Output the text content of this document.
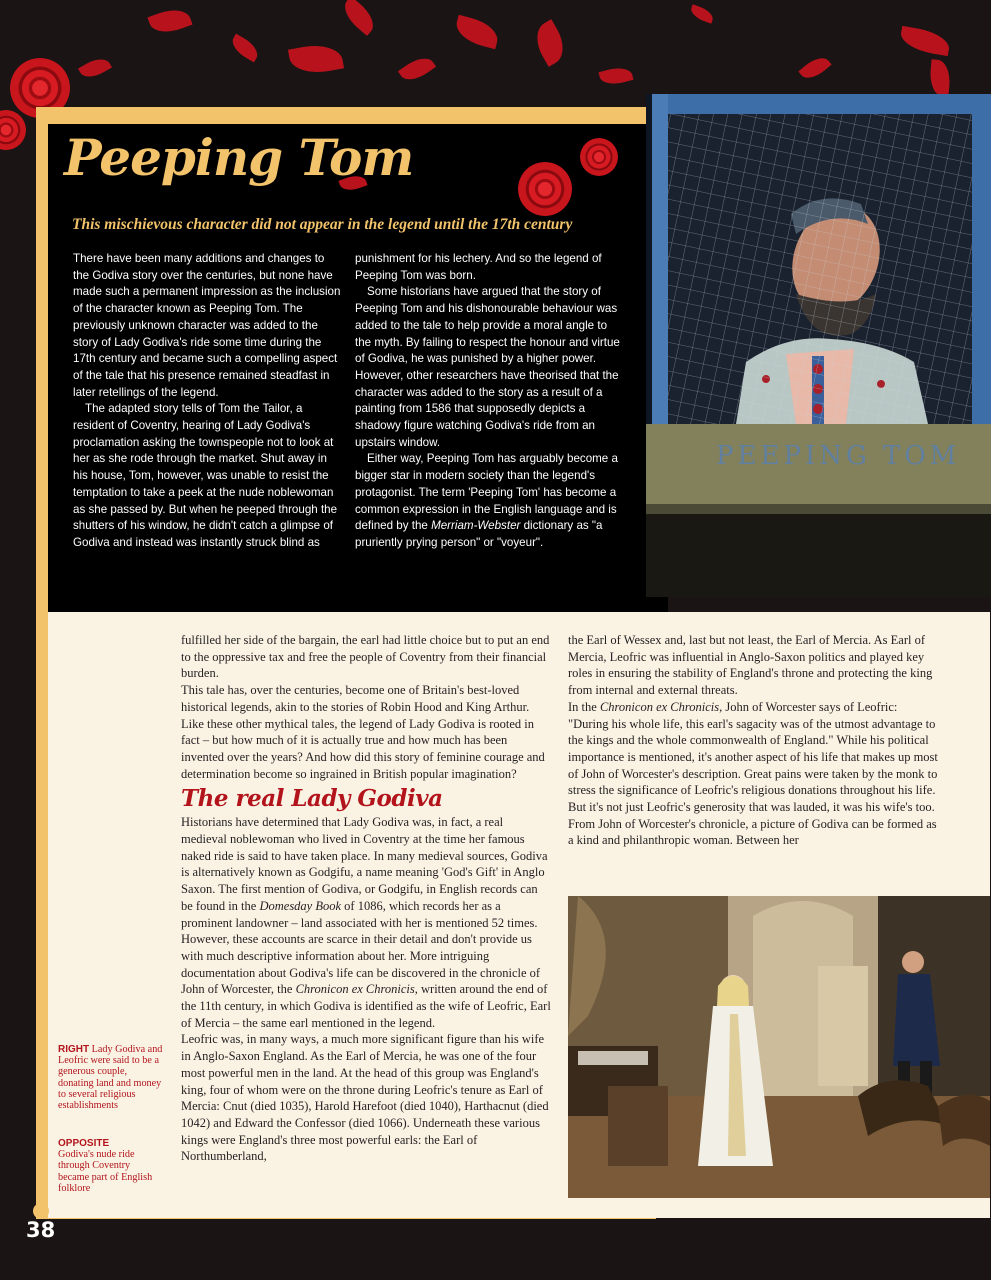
Peeping Tom
This mischievous character did not appear in the legend until the 17th century

There have been many additions and changes to the Godiva story over the centuries, but none have made such a permanent impression as the inclusion of the character known as Peeping Tom. The previously unknown character was added to the story of Lady Godiva's ride some time during the 17th century and became such a compelling aspect of the tale that his presence remained steadfast in later retellings of the legend.

The adapted story tells of Tom the Tailor, a resident of Coventry, hearing of Lady Godiva's proclamation asking the townspeople not to look at her as she rode through the market. Shut away in his house, Tom, however, was unable to resist the temptation to take a peek at the nude noblewoman as she passed by. But when he peeped through the shutters of his window, he didn't catch a glimpse of Godiva and instead was instantly struck blind as

punishment for his lechery. And so the legend of Peeping Tom was born.

Some historians have argued that the story of Peeping Tom and his dishonourable behaviour was added to the tale to help provide a moral angle to the myth. By failing to respect the honour and virtue of Godiva, he was punished by a higher power. However, other researchers have theorised that the character was added to the story as a result of a painting from 1586 that supposedly depicts a shadowy figure watching Godiva's ride from an upstairs window.

Either way, Peeping Tom has arguably become a bigger star in modern society than the legend's protagonist. The term 'Peeping Tom' has become a common expression in the English language and is defined by the Merriam-Webster dictionary as "a pruriently prying person" or "voyeur".

PEEPING TOM

fulfilled her side of the bargain, the earl had little choice but to put an end to the oppressive tax and free the people of Coventry from their financial burden.

This tale has, over the centuries, become one of Britain's best-loved historical legends, akin to the stories of Robin Hood and King Arthur. Like these other mythical tales, the legend of Lady Godiva is rooted in fact – but how much of it is actually true and how much has been invented over the years? And how did this story of feminine courage and determination become so ingrained in British popular imagination?

The real Lady Godiva

Historians have determined that Lady Godiva was, in fact, a real medieval noblewoman who lived in Coventry at the time her famous naked ride is said to have taken place. In many medieval sources, Godiva is alternatively known as Godgifu, a name meaning 'God's Gift' in Anglo Saxon. The first mention of Godiva, or Godgifu, in English records can be found in the Domesday Book of 1086, which records her as a prominent landowner – land associated with her is mentioned 52 times. However, these accounts are scarce in their detail and don't provide us with much descriptive information about her. More intriguing documentation about Godiva's life can be discovered in the chronicle of John of Worcester, the Chronicon ex Chronicis, written around the end of the 11th century, in which Godiva is identified as the wife of Leofric, Earl of Mercia – the same earl mentioned in the legend.

Leofric was, in many ways, a much more significant figure than his wife in Anglo-Saxon England. As the Earl of Mercia, he was one of the four most powerful men in the land. At the head of this group was England's king, four of whom were on the throne during Leofric's tenure as Earl of Mercia: Cnut (died 1035), Harold Harefoot (died 1040), Harthacnut (died 1042) and Edward the Confessor (died 1066). Underneath these various kings were England's three most powerful earls: the Earl of Northumberland,

the Earl of Wessex and, last but not least, the Earl of Mercia. As Earl of Mercia, Leofric was influential in Anglo-Saxon politics and played key roles in ensuring the stability of England's throne and protecting the king from internal and external threats.

In the Chronicon ex Chronicis, John of Worcester says of Leofric: "During his whole life, this earl's sagacity was of the utmost advantage to the kings and the whole commonwealth of England." While his political importance is mentioned, it's another aspect of his life that makes up most of John of Worcester's description. Great pains were taken by the monk to stress the significance of Leofric's religious donations throughout his life. But it's not just Leofric's generosity that was lauded, it was his wife's too.

From John of Worcester's chronicle, a picture of Godiva can be formed as a kind and philanthropic woman. Between her

RIGHT Lady Godiva and Leofric were said to be a generous couple, donating land and money to several religious establishments
OPPOSITE
Godiva's nude ride through Coventry became part of English folklore
38
